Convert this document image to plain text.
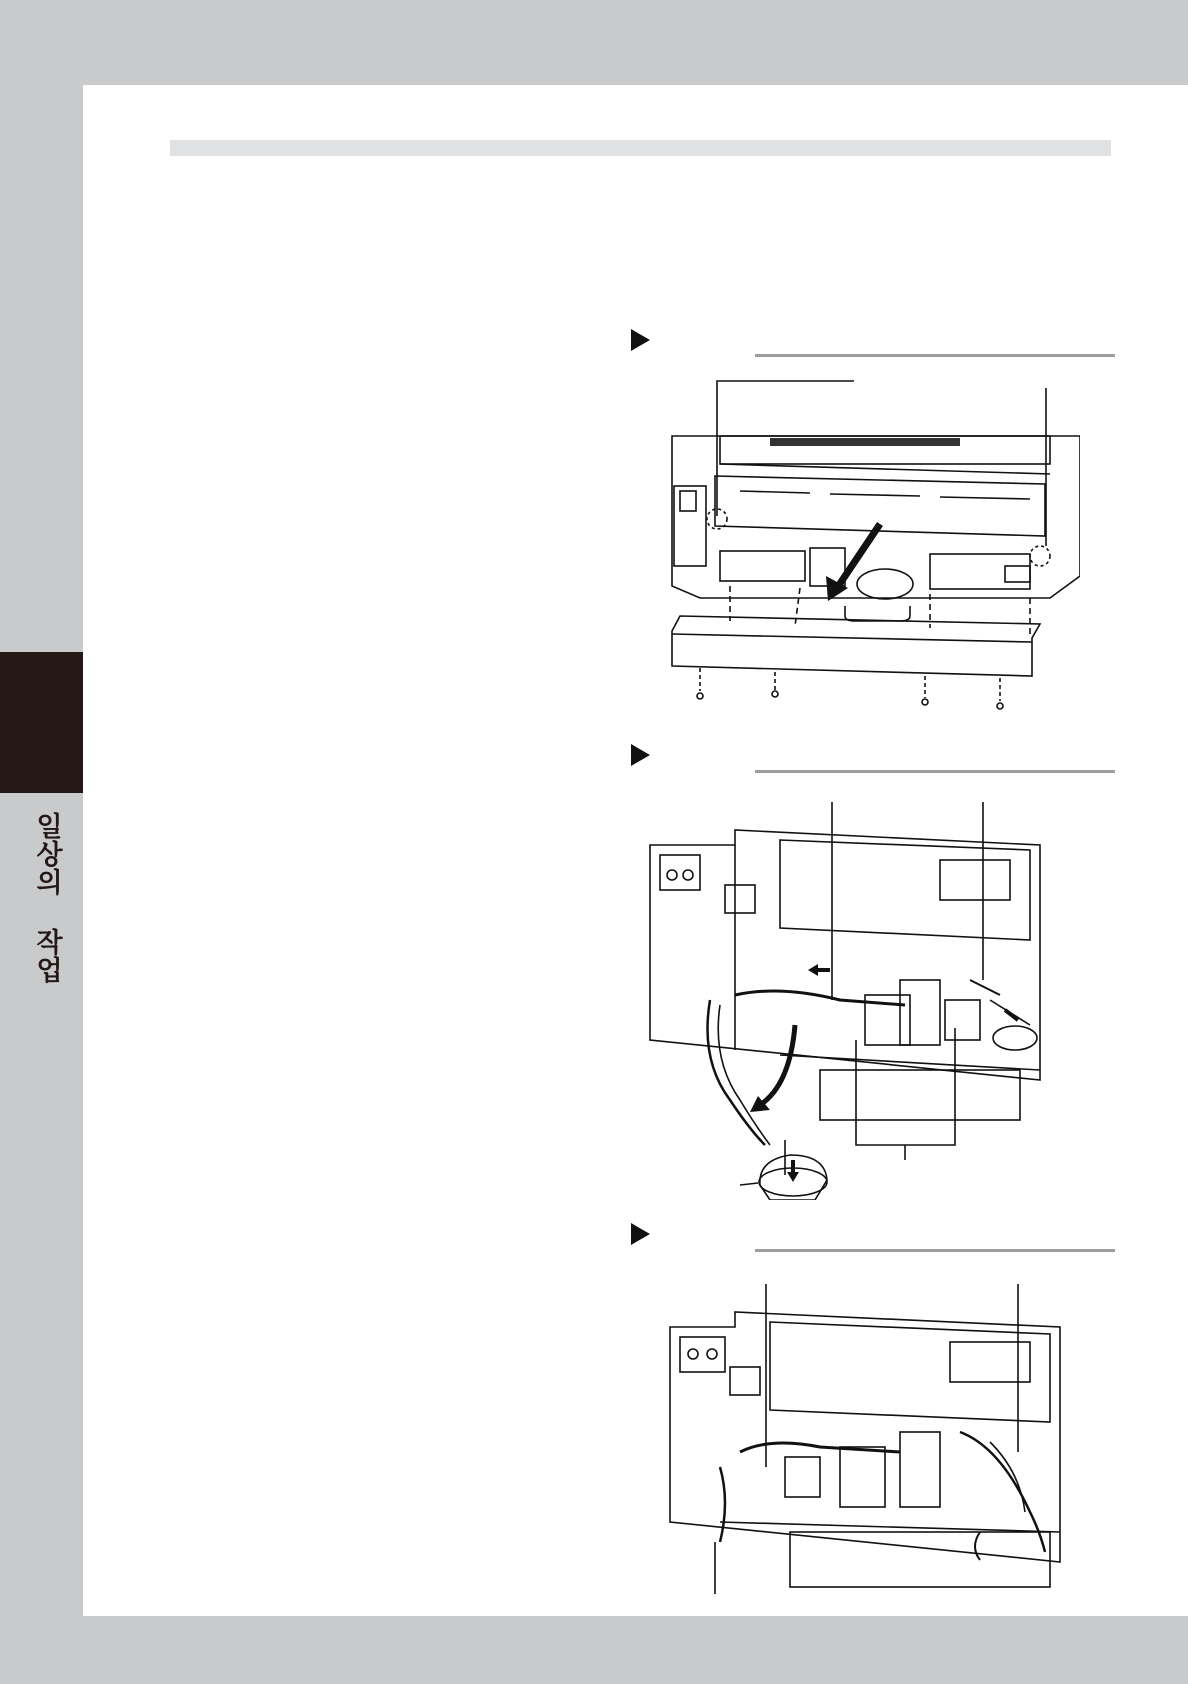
일상의 작업
